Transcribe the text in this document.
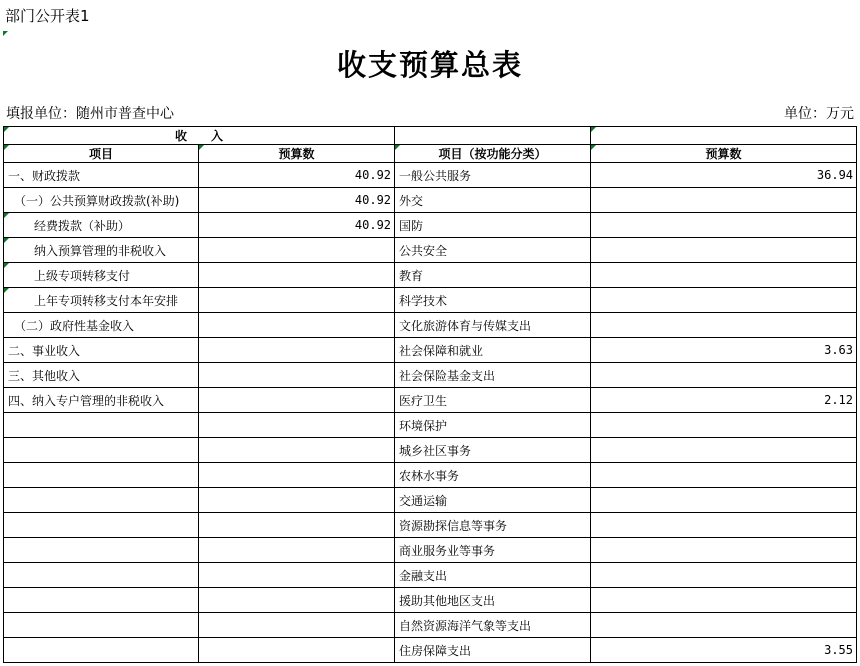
部门公开表1
收支预算总表
填报单位：随州市普查中心	单位：万元
收　　入			

项目	预算数	项目（按功能分类）	预算数
一、财政拨款	40.92	一般公共服务	36.94
（一）公共预算财政拨款(补助)	40.92	外交	

经费拨款（补助）	40.92	国防	

纳入预算管理的非税收入		公共安全	

上级专项转移支付		教育	

上年专项转移支付本年安排		科学技术	
（二）政府性基金收入		文化旅游体育与传媒支出	
二、事业收入		社会保障和就业	3.63
三、其他收入		社会保险基金支出	
四、纳入专户管理的非税收入		医疗卫生	2.12
		环境保护	
		城乡社区事务	
		农林水事务	
		交通运输	
		资源勘探信息等事务	
		商业服务业等事务	
		金融支出	
		援助其他地区支出	
		自然资源海洋气象等支出	
		住房保障支出	3.55
